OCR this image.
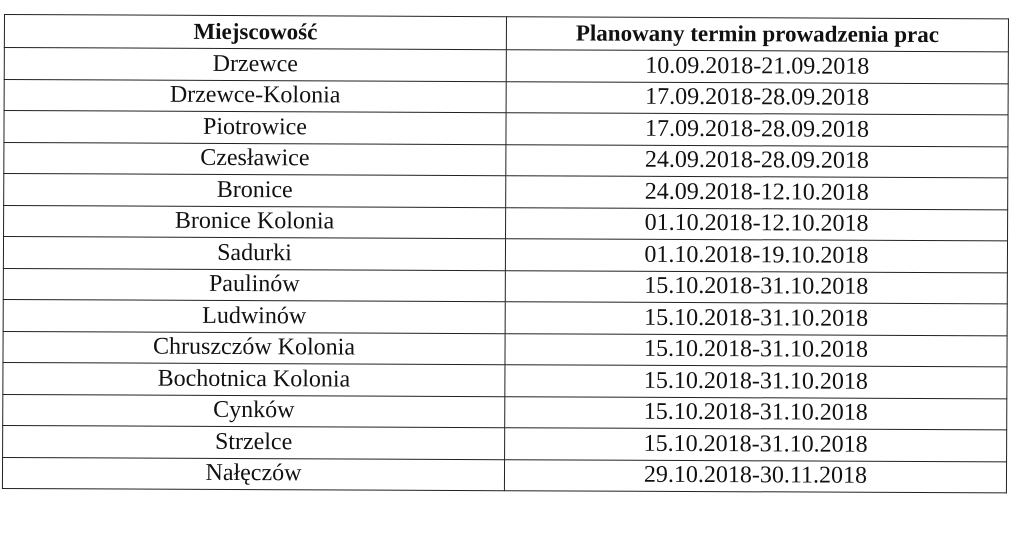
Miejscowość	Planowany termin prowadzenia prac
Drzewce	10.09.2018-21.09.2018
Drzewce-Kolonia	17.09.2018-28.09.2018
Piotrowice	17.09.2018-28.09.2018
Czesławice	24.09.2018-28.09.2018
Bronice	24.09.2018-12.10.2018
Bronice Kolonia	01.10.2018-12.10.2018
Sadurki	01.10.2018-19.10.2018
Paulinów	15.10.2018-31.10.2018
Ludwinów	15.10.2018-31.10.2018
Chruszczów Kolonia	15.10.2018-31.10.2018
Bochotnica Kolonia	15.10.2018-31.10.2018
Cynków	15.10.2018-31.10.2018
Strzelce	15.10.2018-31.10.2018
Nałęczów	29.10.2018-30.11.2018
